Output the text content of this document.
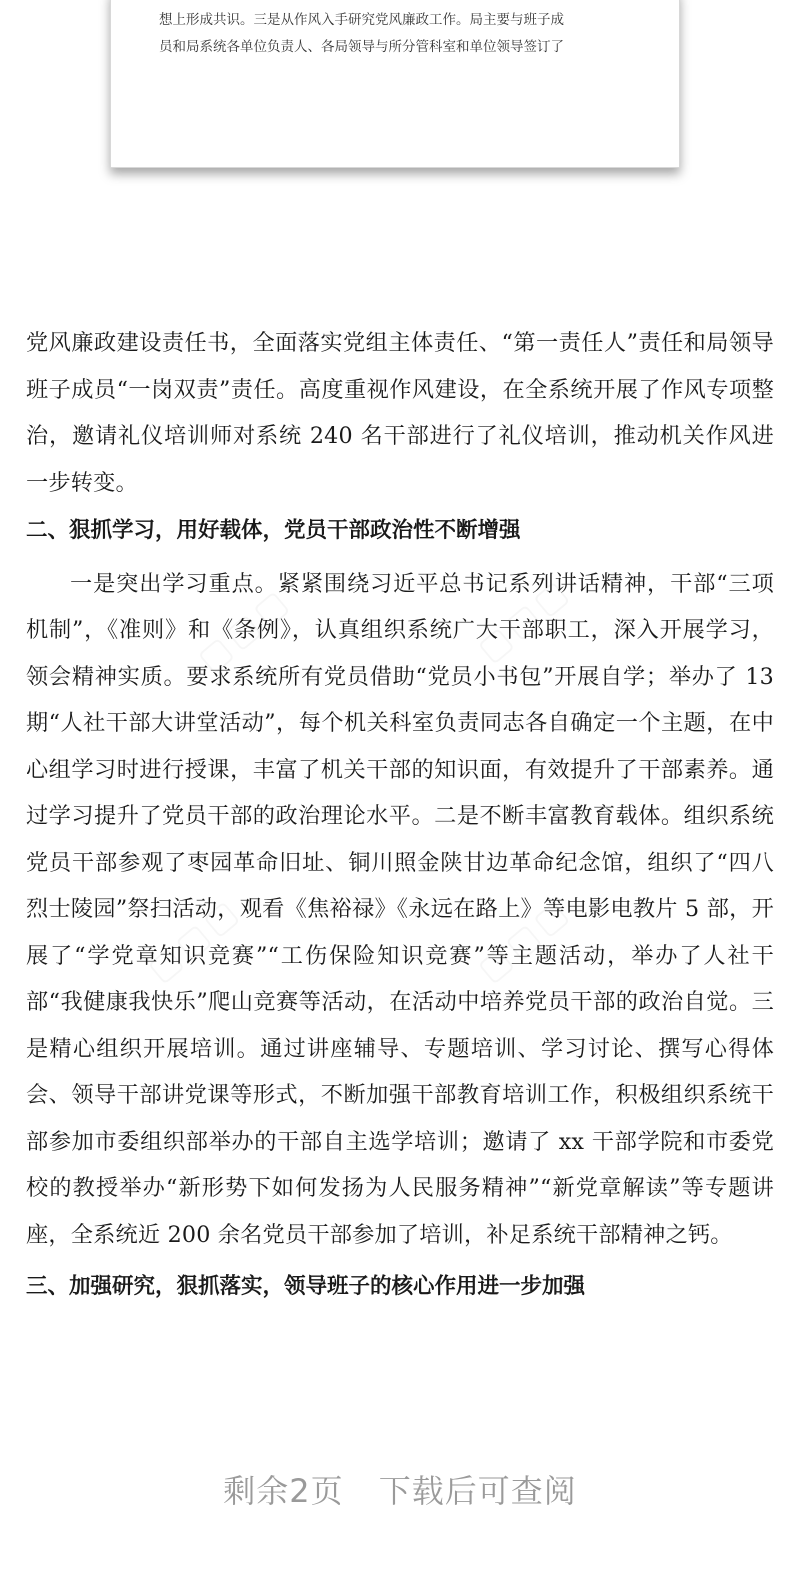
想上形成共识。三是从作风入手研究党风廉政工作。局主要与班子成
员和局系统各单位负责人、各局领导与所分管科室和单位领导签订了

党风廉政建设责任书，全面落实党组主体责任、“第一责任人”责任和局领导班子成员“一岗双责”责任。高度重视作风建设，在全系统开展了作风专项整治，邀请礼仪培训师对系统 240 名干部进行了礼仪培训，推动机关作风进一步转变。

二、狠抓学习，用好载体，党员干部政治性不断增强

一是突出学习重点。紧紧围绕习近平总书记系列讲话精神，干部“三项机制”，《准则》和《条例》，认真组织系统广大干部职工，深入开展学习，领会精神实质。要求系统所有党员借助“党员小书包”开展自学；举办了 13 期“人社干部大讲堂活动”，每个机关科室负责同志各自确定一个主题，在中心组学习时进行授课，丰富了机关干部的知识面，有效提升了干部素养。通过学习提升了党员干部的政治理论水平。二是不断丰富教育载体。组织系统党员干部参观了枣园革命旧址、铜川照金陕甘边革命纪念馆，组织了“四八烈士陵园”祭扫活动，观看《焦裕禄》《永远在路上》等电影电教片 5 部，开展了“学党章知识竞赛”“工伤保险知识竞赛”等主题活动，举办了人社干部“我健康我快乐”爬山竞赛等活动，在活动中培养党员干部的政治自觉。三是精心组织开展培训。通过讲座辅导、专题培训、学习讨论、撰写心得体会、领导干部讲党课等形式，不断加强干部教育培训工作，积极组织系统干部参加市委组织部举办的干部自主选学培训；邀请了 xx 干部学院和市委党校的教授举办“新形势下如何发扬为人民服务精神”“新党章解读”等专题讲座，全系统近 200 余名党员干部参加了培训，补足系统干部精神之钙。

三、加强研究，狠抓落实，领导班子的核心作用进一步加强

剩余2页 下载后可查阅
